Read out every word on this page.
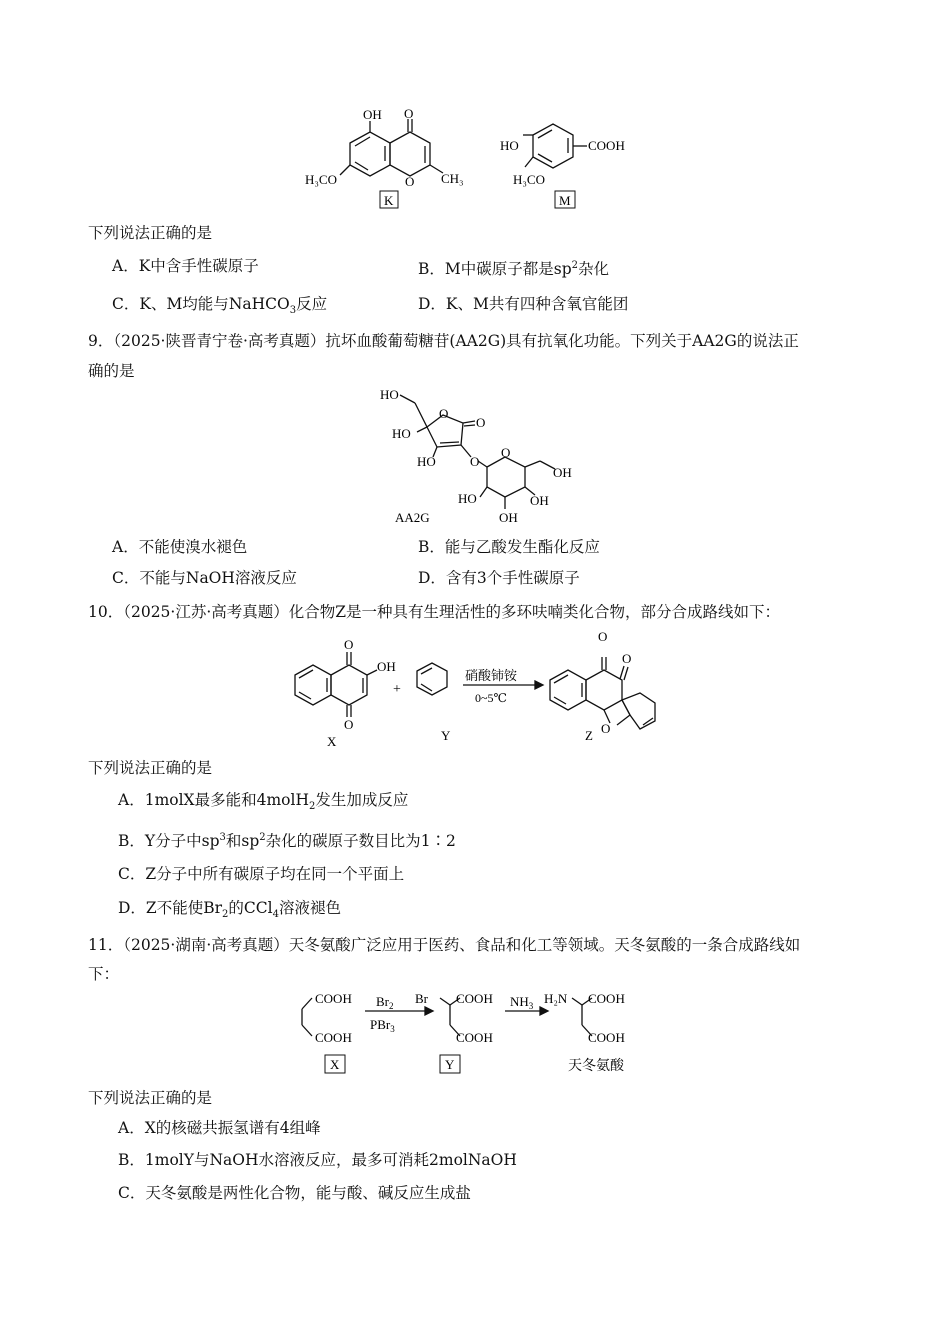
OH O
H₃CO	O CH₃
K
HO	COOH
H₃CO
M
下列说法正确的是
A．K中含手性碳原子	B．M中碳原子都是$sp^2$杂化
C．K、M均能与NaHCO$_3$反应	D．K、M共有四种含氧官能团
9．（2025·陕晋青宁卷·高考真题）抗坏血酸葡萄糖苷(AA2G)具有抗氧化功能。下列关于AA2G的说法正
确的是
HO
HO
O
O
HO	O
O
OH
HO	OH
OH
AA2G
A．不能使溴水褪色	B．能与乙酸发生酯化反应
C．不能与NaOH溶液反应	D．含有3个手性碳原子
10．（2025·江苏·高考真题）化合物Z是一种具有生理活性的多环呋喃类化合物，部分合成路线如下：
O
OH
O
X
+
Y
硝酸铈铵
0~5℃
O
O
O
Z
下列说法正确的是
A．1molX最多能和4molH$_2$发生加成反应
B．Y分子中$sp^3$和$sp^2$杂化的碳原子数目比为1∶2
C．Z分子中所有碳原子均在同一个平面上
D．Z不能使$Br_2$的CCl$_4$溶液褪色
11．（2025·湖南·高考真题）天冬氨酸广泛应用于医药、食品和化工等领域。天冬氨酸的一条合成路线如
下：
COOH
COOH
X
$Br_2$
PBr$_3$
Br COOH
COOH
Y
$NH_3$ H₂N COOH
COOH
天冬氨酸
下列说法正确的是
A．X的核磁共振氢谱有4组峰
B．1molY与NaOH水溶液反应，最多可消耗2molNaOH
C．天冬氨酸是两性化合物，能与酸、碱反应生成盐
